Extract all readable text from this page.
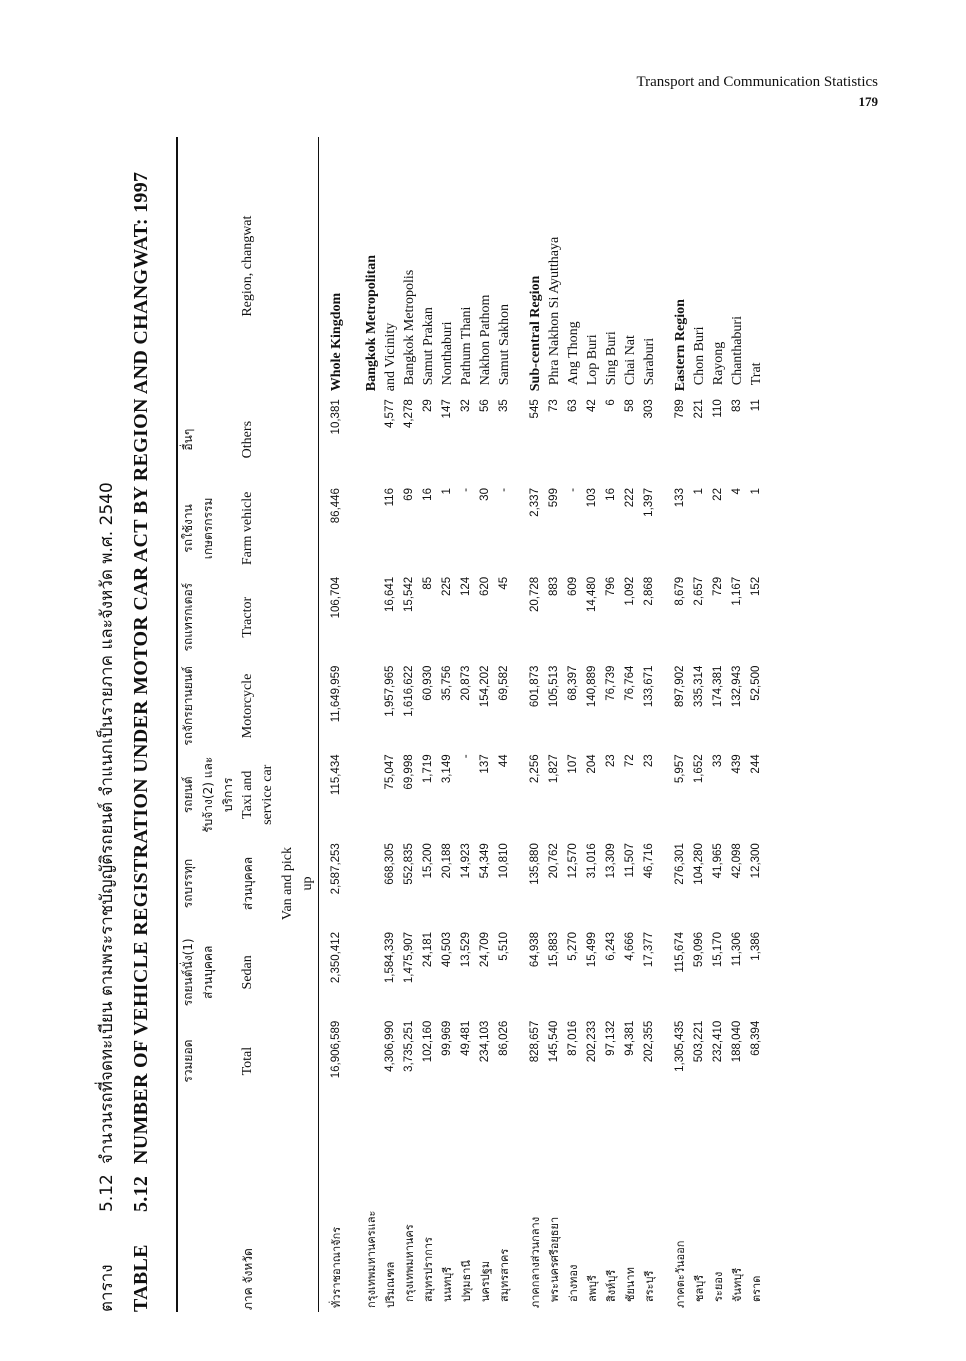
Transport and Communication Statistics
179
ตาราง
5.12
จำนวนรถที่จดทะเบียน ตามพระราชบัญญัติรถยนต์ จำแนกเป็นรายภาค และจังหวัด พ.ศ. 2540
TABLE
5.12
NUMBER OF VEHICLE REGISTRATION UNDER MOTOR CAR ACT BY REGION AND CHANGWAT: 1997
		รวมยอด	รถยนต์นั่ง(1) ส่วนบุคคล	รถบรรทุก	รถยนต์รับจ้าง(2) และบริการ	รถจักรยานยนต์	รถแทรกเตอร์	รถใช้งาน เกษตรกรรม	อื่นๆ	
ภาค จังหวัด	Total	Sedan	ส่วนบุคคล	Taxi and service car	Motorcycle	Tractor	Farm vehicle	Others	Region, changwat
			Van and pick up						
ทั่วราชอาณาจักร	16,906,589	2,350,412	2,587,253	115,434	11,649,959	106,704	86,446	10,381	Whole Kingdom
กรุงเทพมหานครและ									Bangkok Metropolitan
ปริมณฑล	4,306,990	1,584,339	668,305	75,047	1,957,965	16,641	116	4,577	and Vicinity
กรุงเทพมหานคร	3,735,251	1,475,907	552,835	69,998	1,616,622	15,542	69	4,278	Bangkok Metropolis
สมุทรปราการ	102,160	24,181	15,200	1,719	60,930	85	16	29	Samut Prakan
นนทบุรี	99,969	40,503	20,188	3,149	35,756	225	1	147	Nonthaburi
ปทุมธานี	49,481	13,529	14,923	-	20,873	124	-	32	Pathum Thani
นครปฐม	234,103	24,709	54,349	137	154,202	620	30	56	Nakhon Pathom
สมุทรสาคร	86,026	5,510	10,810	44	69,582	45	-	35	Samut Sakhon
ภาคกลางส่วนกลาง	828,657	64,938	135,880	2,256	601,873	20,728	2,337	545	Sub-central Region
พระนครศรีอยุธยา	145,540	15,883	20,762	1,827	105,513	883	599	73	Phra Nakhon Si Ayutthaya
อ่างทอง	87,016	5,270	12,570	107	68,397	609	-	63	Ang Thong
ลพบุรี	202,233	15,499	31,016	204	140,889	14,480	103	42	Lop Buri
สิงห์บุรี	97,132	6,243	13,309	23	76,739	796	16	6	Sing Buri
ชัยนาท	94,381	4,666	11,507	72	76,764	1,092	222	58	Chai Nat
สระบุรี	202,355	17,377	46,716	23	133,671	2,868	1,397	303	Saraburi
ภาคตะวันออก	1,305,435	115,674	276,301	5,957	897,902	8,679	133	789	Eastern Region
ชลบุรี	503,221	59,096	104,280	1,652	335,314	2,657	1	221	Chon Buri
ระยอง	232,410	15,170	41,965	33	174,381	729	22	110	Rayong
จันทบุรี	188,040	11,306	42,098	439	132,943	1,167	4	83	Chanthaburi
ตราด	68,394	1,386	12,300	244	52,500	152	1	11	Trat
